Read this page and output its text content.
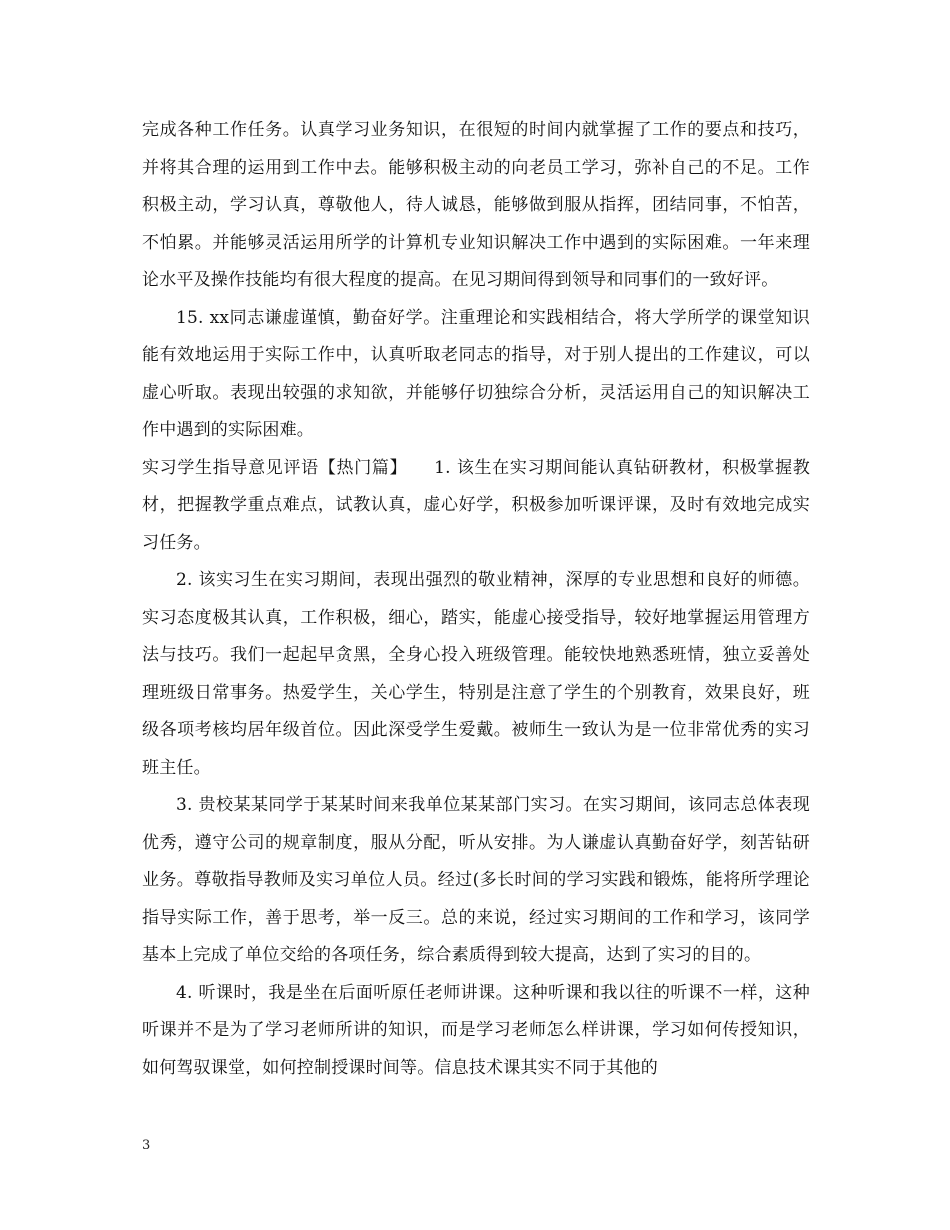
完成各种工作任务。认真学习业务知识，在很短的时间内就掌握了工作的要点和技巧，并将其合理的运用到工作中去。能够积极主动的向老员工学习，弥补自己的不足。工作积极主动，学习认真，尊敬他人，待人诚恳，能够做到服从指挥，团结同事，不怕苦，不怕累。并能够灵活运用所学的计算机专业知识解决工作中遇到的实际困难。一年来理论水平及操作技能均有很大程度的提高。在见习期间得到领导和同事们的一致好评。

15. xx同志谦虚谨慎，勤奋好学。注重理论和实践相结合，将大学所学的课堂知识能有效地运用于实际工作中，认真听取老同志的指导，对于别人提出的工作建议，可以虚心听取。表现出较强的求知欲，并能够仔切独综合分析，灵活运用自己的知识解决工作中遇到的实际困难。

实习学生指导意见评语【热门篇】　　1. 该生在实习期间能认真钻研教材，积极掌握教材，把握教学重点难点，试教认真，虚心好学，积极参加听课评课，及时有效地完成实习任务。

2. 该实习生在实习期间，表现出强烈的敬业精神，深厚的专业思想和良好的师德。实习态度极其认真，工作积极，细心，踏实，能虚心接受指导，较好地掌握运用管理方法与技巧。我们一起起早贪黑，全身心投入班级管理。能较快地熟悉班情，独立妥善处理班级日常事务。热爱学生，关心学生，特别是注意了学生的个别教育，效果良好，班级各项考核均居年级首位。因此深受学生爱戴。被师生一致认为是一位非常优秀的实习班主任。

3. 贵校某某同学于某某时间来我单位某某部门实习。在实习期间，该同志总体表现优秀，遵守公司的规章制度，服从分配，听从安排。为人谦虚认真勤奋好学，刻苦钻研业务。尊敬指导教师及实习单位人员。经过(多长时间的学习实践和锻炼，能将所学理论指导实际工作，善于思考，举一反三。总的来说，经过实习期间的工作和学习，该同学基本上完成了单位交给的各项任务，综合素质得到较大提高，达到了实习的目的。

4. 听课时，我是坐在后面听原任老师讲课。这种听课和我以往的听课不一样，这种听课并不是为了学习老师所讲的知识，而是学习老师怎么样讲课，学习如何传授知识，如何驾驭课堂，如何控制授课时间等。信息技术课其实不同于其他的

3
